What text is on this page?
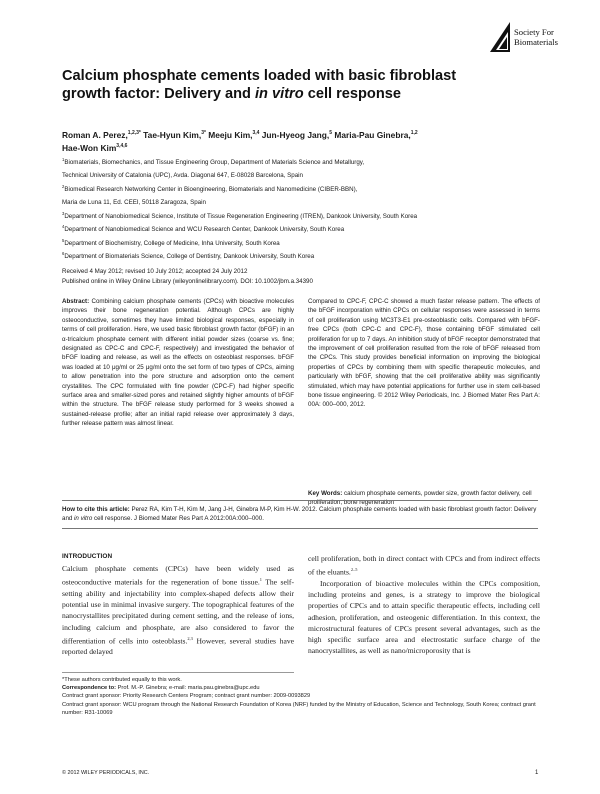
Society For
Biomaterials
Calcium phosphate cements loaded with basic fibroblast
growth factor: Delivery and in vitro cell response
Roman A. Perez,$^{1,2,3*}$ Tae-Hyun Kim,$^{3*}$ Meeju Kim,$^{3,4}$ Jun-Hyeog Jang,$^5$ Maria-Pau Ginebra,$^{1,2}$
Hae-Won Kim$^{3,4,6}$
$^1$Biomaterials, Biomechanics, and Tissue Engineering Group, Department of Materials Science and Metallurgy,
Technical University of Catalonia (UPC), Avda. Diagonal 647, E-08028 Barcelona, Spain
$^2$Biomedical Research Networking Center in Bioengineering, Biomaterials and Nanomedicine (CIBER-BBN),
Maria de Luna 11, Ed. CEEI, 50118 Zaragoza, Spain
$^3$Department of Nanobiomedical Science, Institute of Tissue Regeneration Engineering (ITREN), Dankook University, South Korea
$^4$Department of Nanobiomedical Science and WCU Research Center, Dankook University, South Korea
$^5$Department of Biochemistry, College of Medicine, Inha University, South Korea
$^6$Department of Biomaterials Science, College of Dentistry, Dankook University, South Korea
Received 4 May 2012; revised 10 July 2012; accepted 24 July 2012
Published online in Wiley Online Library (wileyonlinelibrary.com). DOI: 10.1002/jbm.a.34390
Abstract: Combining calcium phosphate cements (CPCs) with bioactive molecules improves their bone regeneration potential. Although CPCs are highly osteoconductive, sometimes they have limited biological responses, especially in terms of cell proliferation. Here, we used basic fibroblast growth factor (bFGF) in an α-tricalcium phosphate cement with different initial powder sizes (coarse vs. fine; designated as CPC-C and CPC-F, respectively) and investigated the behavior of bFGF loading and release, as well as the effects on osteoblast responses. bFGF was loaded at 10 μg/ml or 25 μg/ml onto the set form of two types of CPCs, aiming to allow penetration into the pore structure and adsorption onto the cement crystallites. The CPC formulated with fine powder (CPC-F) had higher specific surface area and smaller-sized pores and retained slightly higher amounts of bFGF within the structure. The bFGF release study performed for 3 weeks showed a sustained-release profile; after an initial rapid release over approximately 3 days, further release pattern was almost linear.
Compared to CPC-F, CPC-C showed a much faster release pattern. The effects of the bFGF incorporation within CPCs on cellular responses were assessed in terms of cell proliferation using MC3T3-E1 pre-osteoblastic cells. Compared with bFGF-free CPCs (both CPC-C and CPC-F), those containing bFGF stimulated cell proliferation for up to 7 days. An inhibition study of bFGF receptor demonstrated that the improvement of cell proliferation resulted from the role of bFGF released from the CPCs. This study provides beneficial information on improving the biological properties of CPCs by combining them with specific therapeutic molecules, and particularly with bFGF, showing that the cell proliferative ability was significantly stimulated, which may have potential applications for further use in stem cell-based bone tissue engineering. © 2012 Wiley Periodicals, Inc. J Biomed Mater Res Part A: 00A: 000–000, 2012.
Key Words: calcium phosphate cements, powder size, growth factor delivery, cell proliferation, bone regeneration
How to cite this article: Perez RA, Kim T-H, Kim M, Jang J-H, Ginebra M-P, Kim H-W. 2012. Calcium phosphate cements loaded with basic fibroblast growth factor: Delivery and in vitro cell response. J Biomed Mater Res Part A 2012:00A:000–000.
INTRODUCTION
Calcium phosphate cements (CPCs) have been widely used as osteoconductive materials for the regeneration of bone tissue.$^1$ The self-setting ability and injectability into complex-shaped defects allow their potential use in minimal invasive surgery. The topographical features of the nanocrystallites precipitated during cement setting, and the release of ions, including calcium and phosphate, are also considered to favor the differentiation of cells into osteoblasts.$^{2,3}$ However, several studies have reported delayed
cell proliferation, both in direct contact with CPCs and from indirect effects of the eluants.$^{2-5}$
Incorporation of bioactive molecules within the CPCs composition, including proteins and genes, is a strategy to improve the biological properties of CPCs and to attain specific therapeutic effects, including cell adhesion, proliferation, and osteogenic differentiation. In this context, the microstructural features of CPCs present several advantages, such as the high specific surface area and electrostatic surface charge of the nanocrystallites, as well as nano/microporosity that is
*These authors contributed equally to this work.
Correspondence to: Prof. M.-P. Ginebra; e-mail: maria.pau.ginebra@upc.edu
Contract grant sponsor: Priority Research Centers Program; contract grant number: 2009-0093829
Contract grant sponsor: WCU program through the National Research Foundation of Korea (NRF) funded by the Ministry of Education, Science and Technology, South Korea; contract grant number: R31-10069
© 2012 WILEY PERIODICALS, INC.	1
